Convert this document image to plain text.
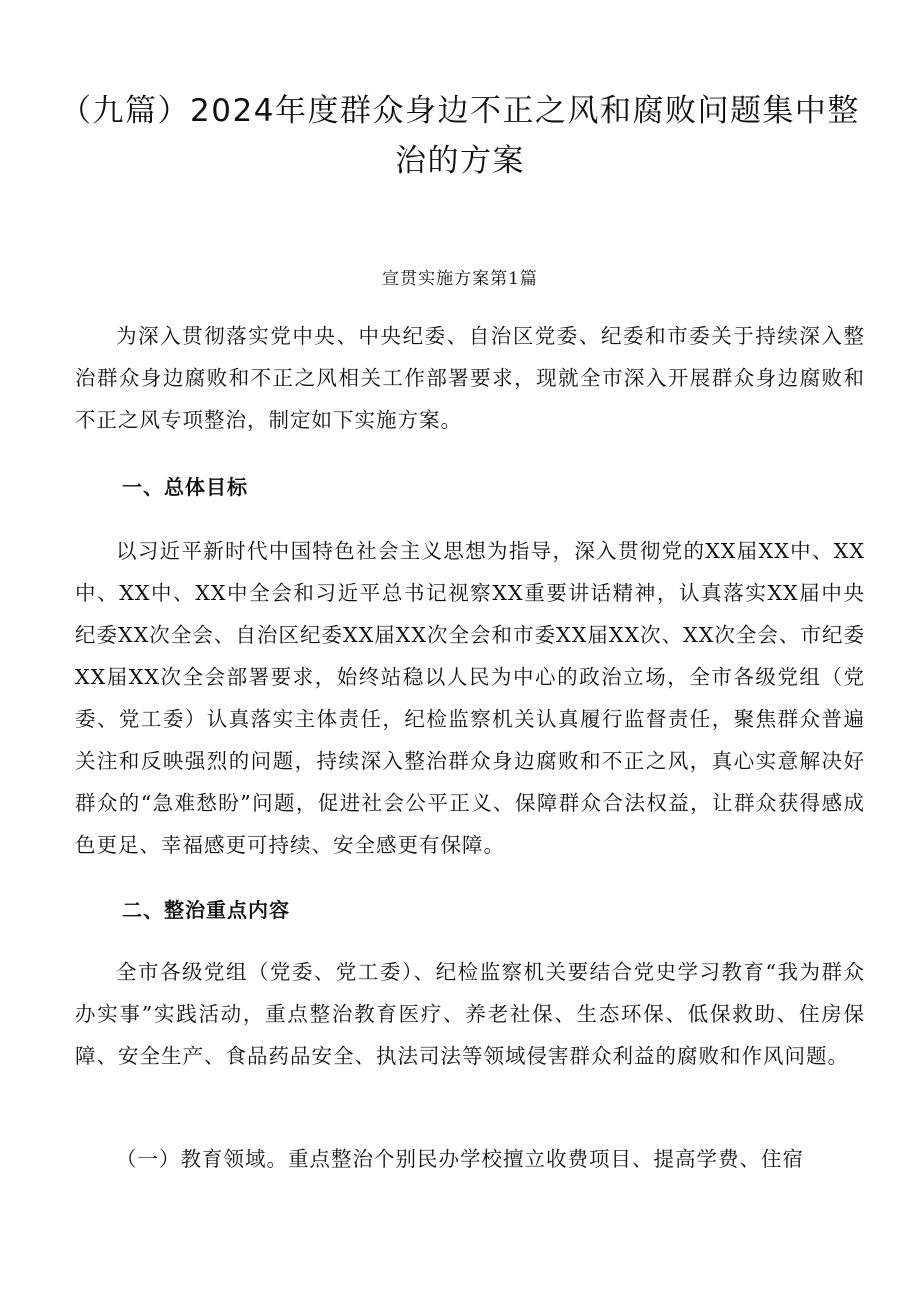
（九篇）2024年度群众身边不正之风和腐败问题集中整治的方案
宣贯实施方案第1篇

为深入贯彻落实党中央、中央纪委、自治区党委、纪委和市委关于持续深入整治群众身边腐败和不正之风相关工作部署要求，现就全市深入开展群众身边腐败和不正之风专项整治，制定如下实施方案。

一、总体目标

以习近平新时代中国特色社会主义思想为指导，深入贯彻党的XX届XX中、XX中、XX中、XX中全会和习近平总书记视察XX重要讲话精神，认真落实XX届中央纪委XX次全会、自治区纪委XX届XX次全会和市委XX届XX次、XX次全会、市纪委XX届XX次全会部署要求，始终站稳以人民为中心的政治立场，全市各级党组（党委、党工委）认真落实主体责任，纪检监察机关认真履行监督责任，聚焦群众普遍关注和反映强烈的问题，持续深入整治群众身边腐败和不正之风，真心实意解决好群众的“急难愁盼”问题，促进社会公平正义、保障群众合法权益，让群众获得感成色更足、幸福感更可持续、安全感更有保障。

二、整治重点内容

全市各级党组（党委、党工委）、纪检监察机关要结合党史学习教育“我为群众办实事”实践活动，重点整治教育医疗、养老社保、生态环保、低保救助、住房保障、安全生产、食品药品安全、执法司法等领域侵害群众利益的腐败和作风问题。

（一）教育领域。重点整治个别民办学校擅立收费项目、提高学费、住宿
